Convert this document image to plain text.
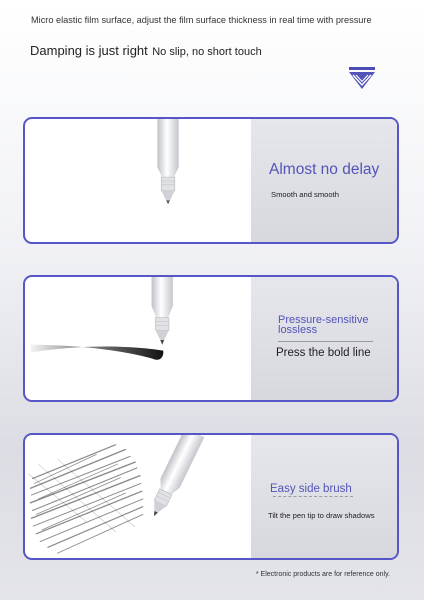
Micro elastic film surface, adjust the film surface thickness in real time with pressure
Damping is just right No slip, no short touch
Almost no delay
Smooth and smooth
Pressure-sensitive lossless
Press the bold line
Easy side brush
Tilt the pen tip to draw shadows
* Electronic products are for reference only.
